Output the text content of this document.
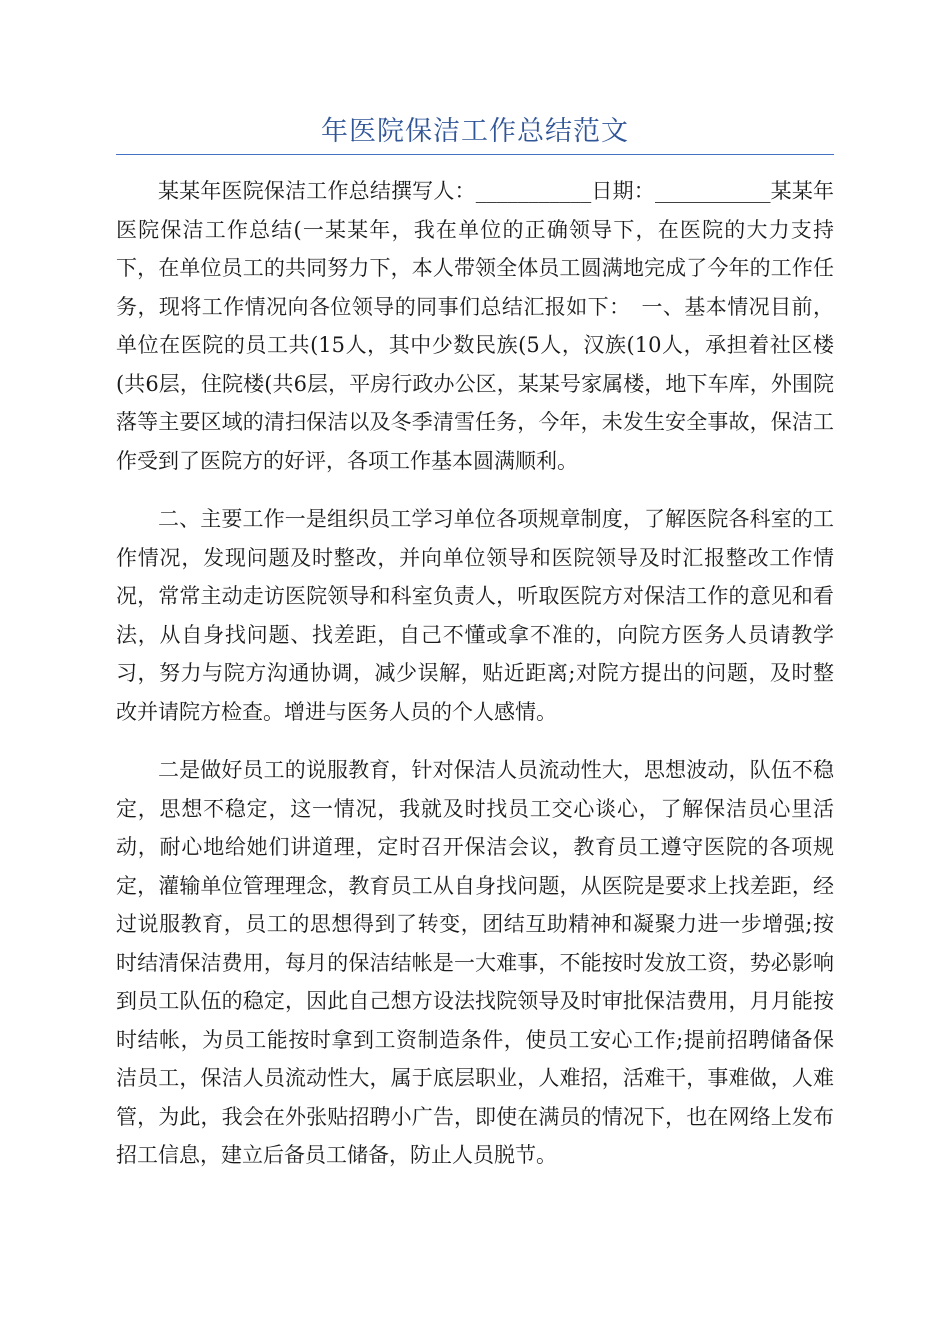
年医院保洁工作总结范文

某某年医院保洁工作总结撰写人：___________日期：___________某某年医院保洁工作总结(一某某年，我在单位的正确领导下，在医院的大力支持下，在单位员工的共同努力下，本人带领全体员工圆满地完成了今年的工作任务，现将工作情况向各位领导的同事们总结汇报如下：　一、基本情况目前，单位在医院的员工共(15人，其中少数民族(5人，汉族(10人，承担着社区楼(共6层，住院楼(共6层，平房行政办公区，某某号家属楼，地下车库，外围院落等主要区域的清扫保洁以及冬季清雪任务，今年，未发生安全事故，保洁工作受到了医院方的好评，各项工作基本圆满顺利。

二、主要工作一是组织员工学习单位各项规章制度，了解医院各科室的工作情况，发现问题及时整改，并向单位领导和医院领导及时汇报整改工作情况，常常主动走访医院领导和科室负责人，听取医院方对保洁工作的意见和看法，从自身找问题、找差距，自己不懂或拿不准的，向院方医务人员请教学习，努力与院方沟通协调，减少误解，贴近距离;对院方提出的问题，及时整改并请院方检查。增进与医务人员的个人感情。

二是做好员工的说服教育，针对保洁人员流动性大，思想波动，队伍不稳定，思想不稳定，这一情况，我就及时找员工交心谈心，了解保洁员心里活动，耐心地给她们讲道理，定时召开保洁会议，教育员工遵守医院的各项规定，灌输单位管理理念，教育员工从自身找问题，从医院是要求上找差距，经过说服教育，员工的思想得到了转变，团结互助精神和凝聚力进一步增强;按时结清保洁费用，每月的保洁结帐是一大难事，不能按时发放工资，势必影响到员工队伍的稳定，因此自己想方设法找院领导及时审批保洁费用，月月能按时结帐，为员工能按时拿到工资制造条件，使员工安心工作;提前招聘储备保洁员工，保洁人员流动性大，属于底层职业，人难招，活难干，事难做，人难管，为此，我会在外张贴招聘小广告，即使在满员的情况下，也在网络上发布招工信息，建立后备员工储备，防止人员脱节。
